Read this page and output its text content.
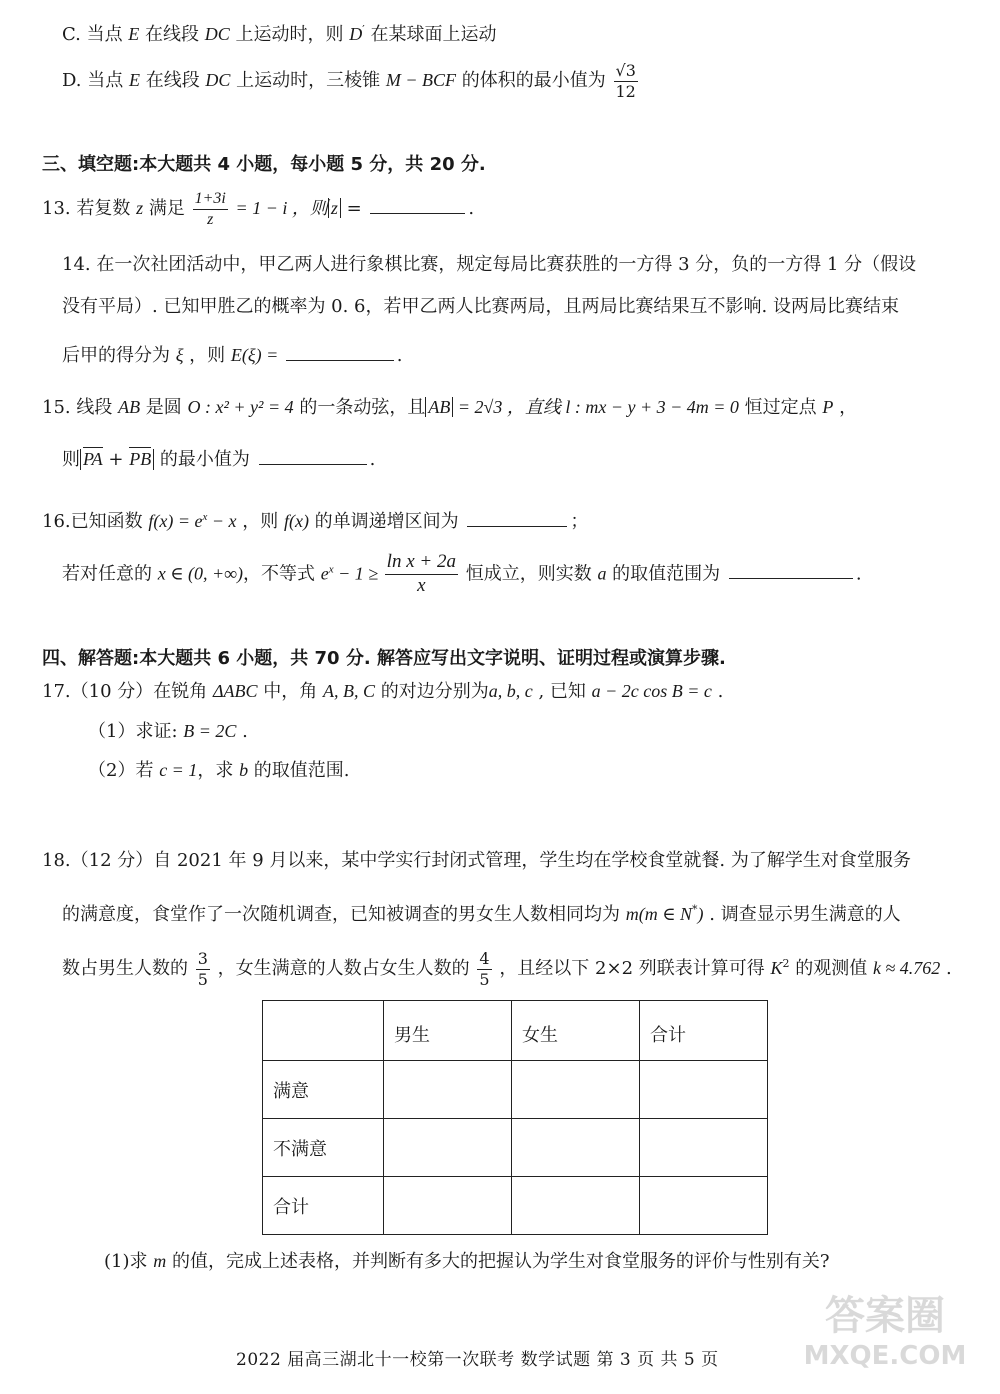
C. 当点 E 在线段 DC 上运动时，则 D′ 在某球面上运动
D. 当点 E 在线段 DC 上运动时，三棱锥 M − BCF 的体积的最小值为 $\frac{√3}{12}$
三、填空题:本大题共 4 小题，每小题 5 分，共 20 分.
13. 若复数 z 满足 $\frac{1+3i}{z} = 1 - i$ ，则 z =	.
14. 在一次社团活动中，甲乙两人进行象棋比赛，规定每局比赛获胜的一方得 3 分，负的一方得 1 分（假设
没有平局）. 已知甲胜乙的概率为 0. 6，若甲乙两人比赛两局，且两局比赛结果互不影响. 设两局比赛结束
后甲的得分为 ξ ，则 E(ξ) =	.
15. 线段 AB 是圆 O : x² + y² = 4 的一条动弦，且 AB = 2√3 ，直线 l : mx − y + 3 − 4m = 0 恒过定点 P ，
则 PA + PB 的最小值为	.
16.已知函数 $f(x) = e^x - x$ ，则 f(x) 的单调递增区间为	；
若对任意的 x ∈ (0, +∞)，不等式 $e^x - 1 \ge \frac{\text{ln x + 2a}}{x}$ 恒成立，则实数 a 的取值范围为	.
四、解答题:本大题共 6 小题，共 70 分. 解答应写出文字说明、证明过程或演算步骤.
17.（10 分）在锐角 ΔABC 中，角 A, B, C 的对边分别为a, b, c , 已知 a − 2c cos B = c .
（1）求证: B = 2C .
（2）若 c = 1，求 b 的取值范围.
18.（12 分）自 2021 年 9 月以来，某中学实行封闭式管理，学生均在学校食堂就餐. 为了解学生对食堂服务
的满意度，食堂作了一次随机调查，已知被调查的男女生人数相同均为 m(m ∈ N*) . 调查显示男生满意的人
数占男生人数的 $\frac{3}{5}$ ，女生满意的人数占女生人数的 $\frac{4}{5}$ ，且经以下 2×2 列联表计算可得 $K^2$ 的观测值 k ≈ 4.762 .
	男生	女生	合计
满意			
不满意			
合计			
(1)求 m 的值，完成上述表格，并判断有多大的把握认为学生对食堂服务的评价与性别有关?
2022 届高三湖北十一校第一次联考 数学试题 第 3 页 共 5 页
答案圈
MXQE.COM
